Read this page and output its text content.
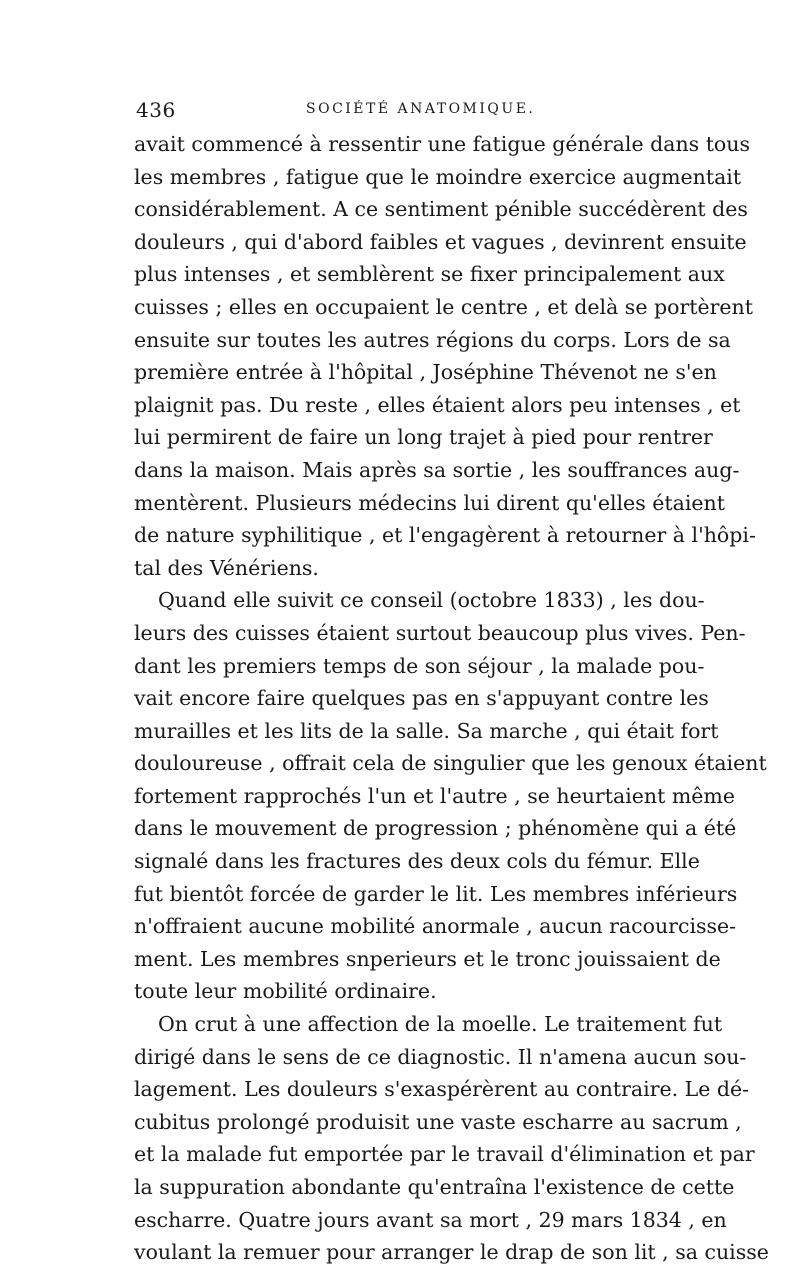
436	SOCIÉTÉ ANATOMIQUE.
avait commencé à ressentir une fatigue générale dans tous
les membres , fatigue que le moindre exercice augmentait
considérablement. A ce sentiment pénible succédèrent des
douleurs , qui d'abord faibles et vagues , devinrent ensuite
plus intenses , et semblèrent se fixer principalement aux
cuisses ; elles en occupaient le centre , et delà se portèrent
ensuite sur toutes les autres régions du corps. Lors de sa
première entrée à l'hôpital , Joséphine Thévenot ne s'en
plaignit pas. Du reste , elles étaient alors peu intenses , et
lui permirent de faire un long trajet à pied pour rentrer
dans la maison. Mais après sa sortie , les souffrances aug-
mentèrent. Plusieurs médecins lui dirent qu'elles étaient
de nature syphilitique , et l'engagèrent à retourner à l'hôpi-
tal des Vénériens.
Quand elle suivit ce conseil (octobre 1833) , les dou-
leurs des cuisses étaient surtout beaucoup plus vives. Pen-
dant les premiers temps de son séjour , la malade pou-
vait encore faire quelques pas en s'appuyant contre les
murailles et les lits de la salle. Sa marche , qui était fort
douloureuse , offrait cela de singulier que les genoux étaient
fortement rapprochés l'un et l'autre , se heurtaient même
dans le mouvement de progression ; phénomène qui a été
signalé dans les fractures des deux cols du fémur. Elle
fut bientôt forcée de garder le lit. Les membres inférieurs
n'offraient aucune mobilité anormale , aucun racourcisse-
ment. Les membres snperieurs et le tronc jouissaient de
toute leur mobilité ordinaire.
On crut à une affection de la moelle. Le traitement fut
dirigé dans le sens de ce diagnostic. Il n'amena aucun sou-
lagement. Les douleurs s'exaspérèrent au contraire. Le dé-
cubitus prolongé produisit une vaste escharre au sacrum ,
et la malade fut emportée par le travail d'élimination et par
la suppuration abondante qu'entraîna l'existence de cette
escharre. Quatre jours avant sa mort , 29 mars 1834 , en
voulant la remuer pour arranger le drap de son lit , sa cuisse
